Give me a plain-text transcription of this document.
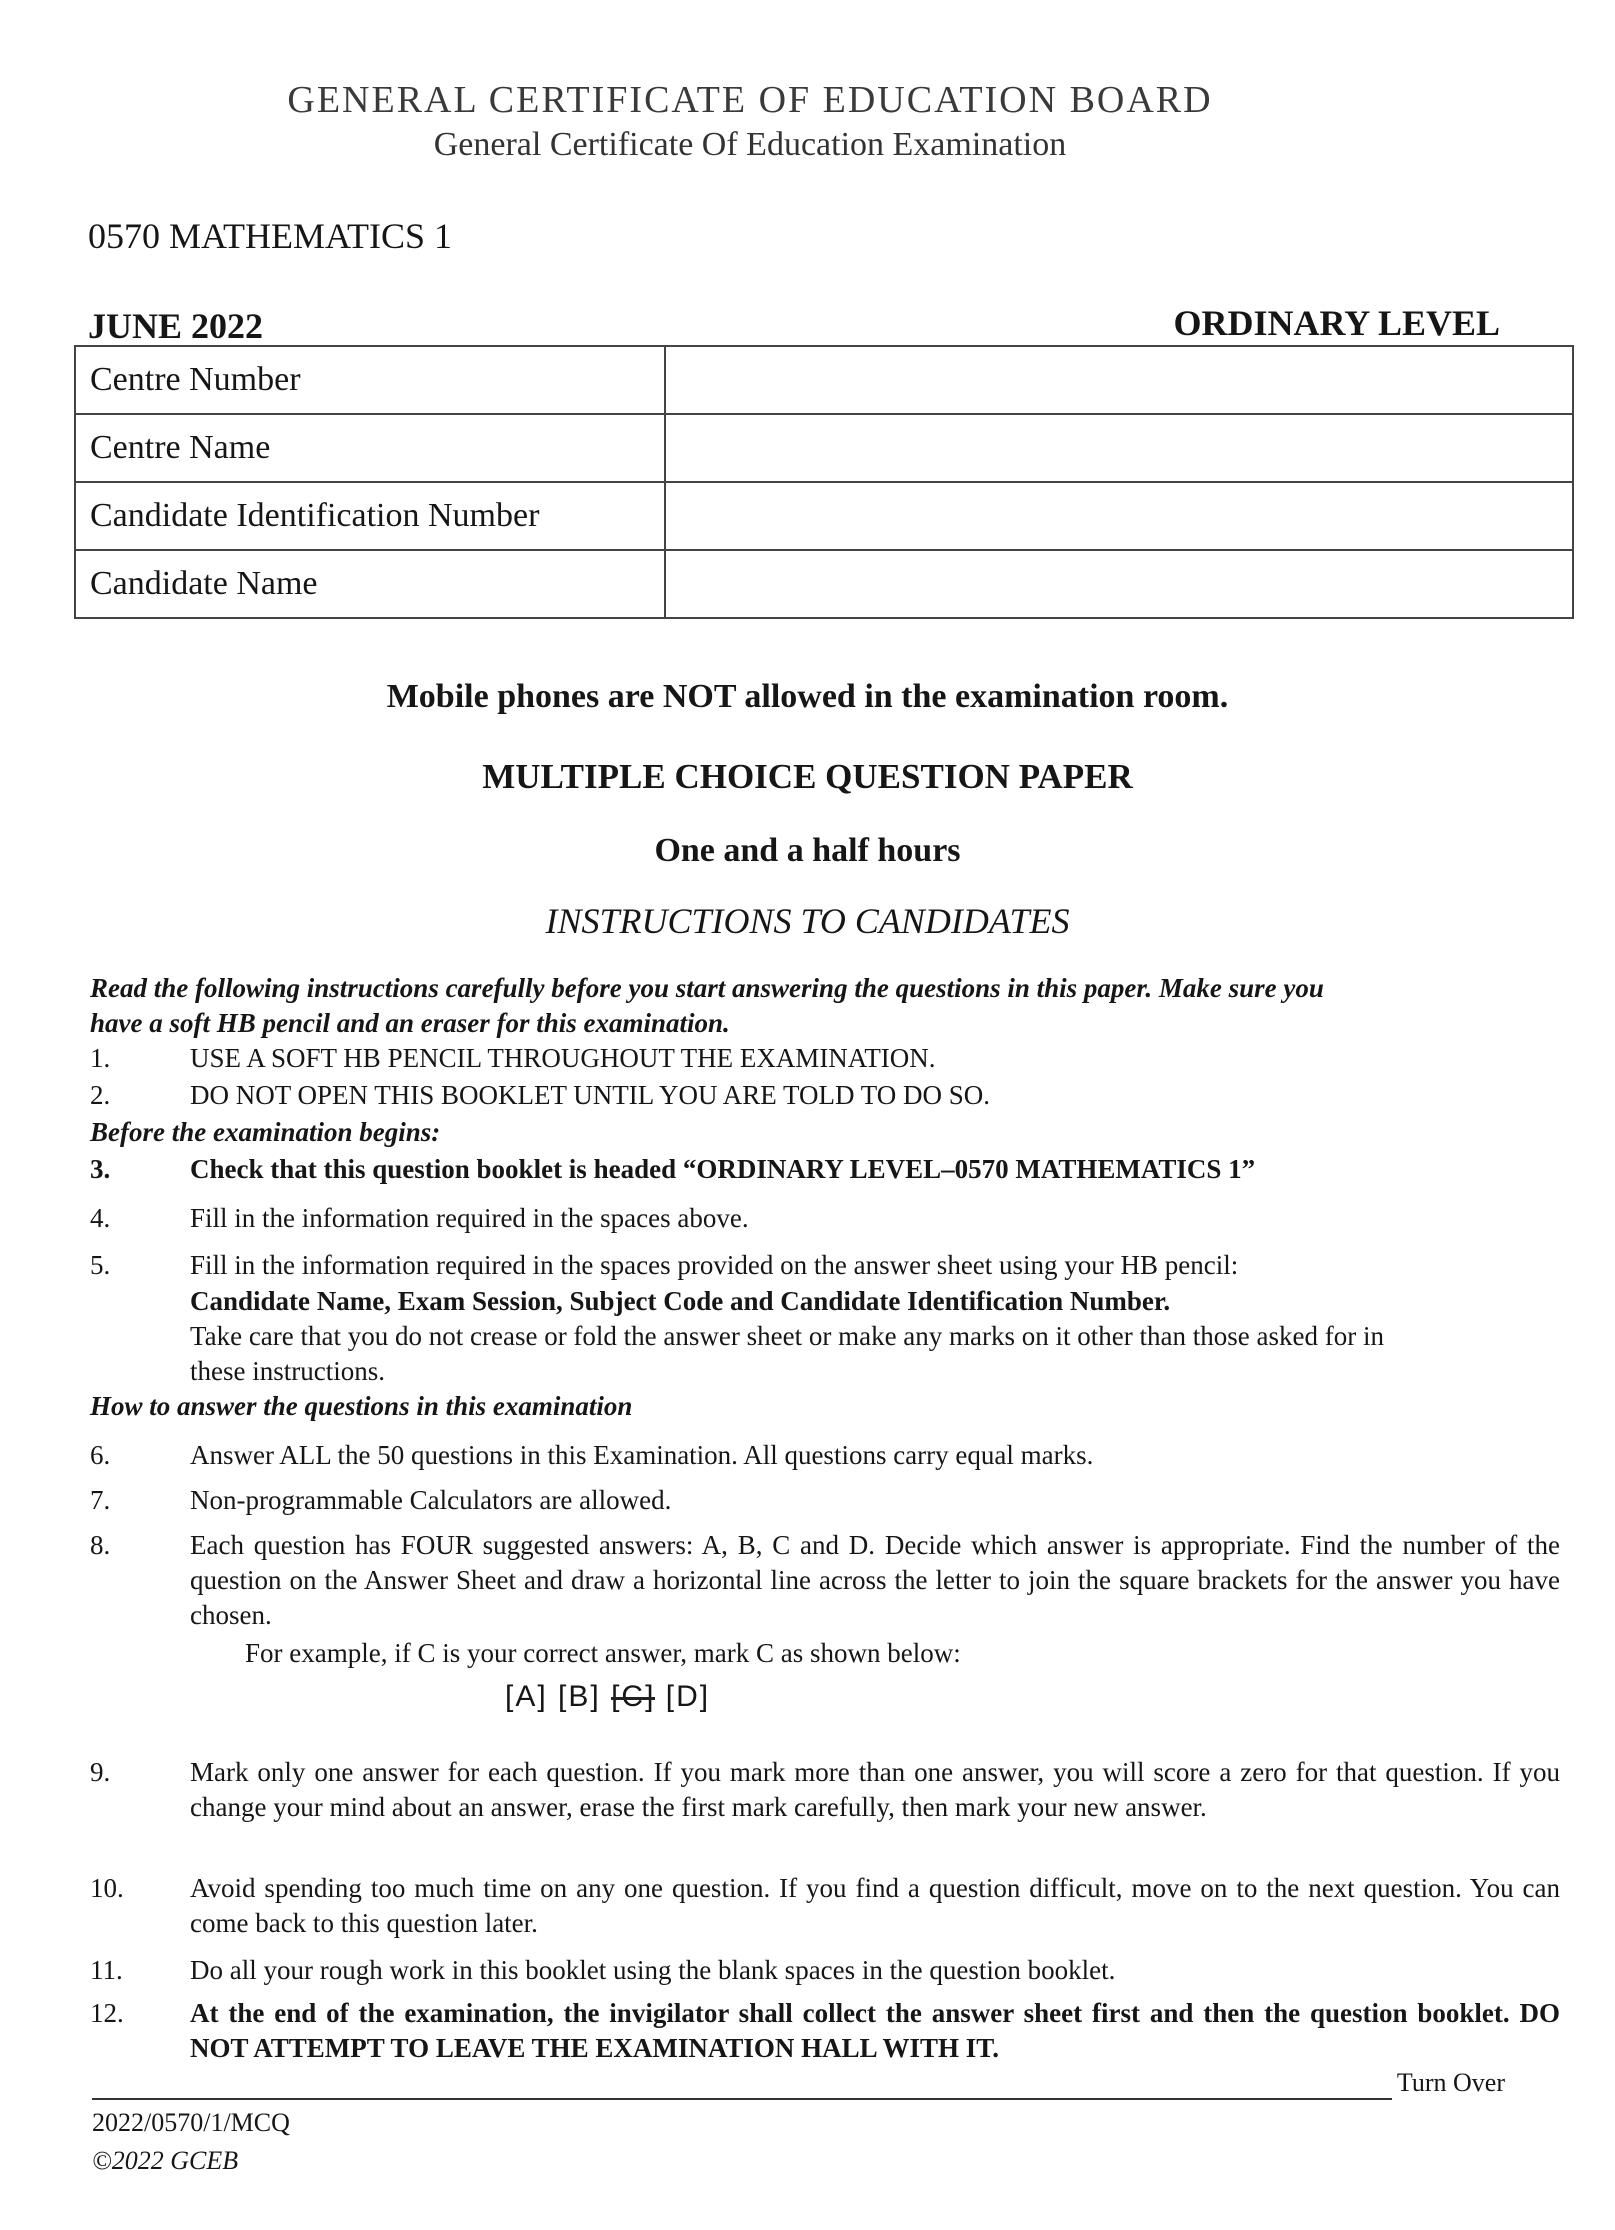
GENERAL CERTIFICATE OF EDUCATION BOARD
General Certificate Of Education Examination
0570 MATHEMATICS 1
JUNE 2022	ORDINARY LEVEL
Centre Number	
Centre Name	
Candidate Identification Number	
Candidate Name	
Mobile phones are NOT allowed in the examination room.
MULTIPLE CHOICE QUESTION PAPER
One and a half hours
INSTRUCTIONS TO CANDIDATES
Read the following instructions carefully before you start answering the questions in this paper. Make sure you
have a soft HB pencil and an eraser for this examination.
1.	USE A SOFT HB PENCIL THROUGHOUT THE EXAMINATION.
2.	DO NOT OPEN THIS BOOKLET UNTIL YOU ARE TOLD TO DO SO.
Before the examination begins:
3.	Check that this question booklet is headed “ORDINARY LEVEL–0570 MATHEMATICS 1”
4.	Fill in the information required in the spaces above.
5.	Fill in the information required in the spaces provided on the answer sheet using your HB pencil:
Candidate Name, Exam Session, Subject Code and Candidate Identification Number.
Take care that you do not crease or fold the answer sheet or make any marks on it other than those asked for in
these instructions.
How to answer the questions in this examination
6.	Answer ALL the 50 questions in this Examination. All questions carry equal marks.
7.	Non-programmable Calculators are allowed.
8.	Each question has FOUR suggested answers: A, B, C and D. Decide which answer is appropriate. Find the number of the question on the Answer Sheet and draw a horizontal line across the letter to join the square brackets for the answer you have chosen.
For example, if C is your correct answer, mark C as shown below:
[A] [B] [C] [D]
9.	Mark only one answer for each question. If you mark more than one answer, you will score a zero for that question. If you change your mind about an answer, erase the first mark carefully, then mark your new answer.
10. Avoid spending too much time on any one question. If you find a question difficult, move on to the next question. You can come back to this question later.
11. Do all your rough work in this booklet using the blank spaces in the question booklet.
12. At the end of the examination, the invigilator shall collect the answer sheet first and then the question booklet. DO NOT ATTEMPT TO LEAVE THE EXAMINATION HALL WITH IT.
Turn Over
2022/0570/1/MCQ
©2022 GCEB
